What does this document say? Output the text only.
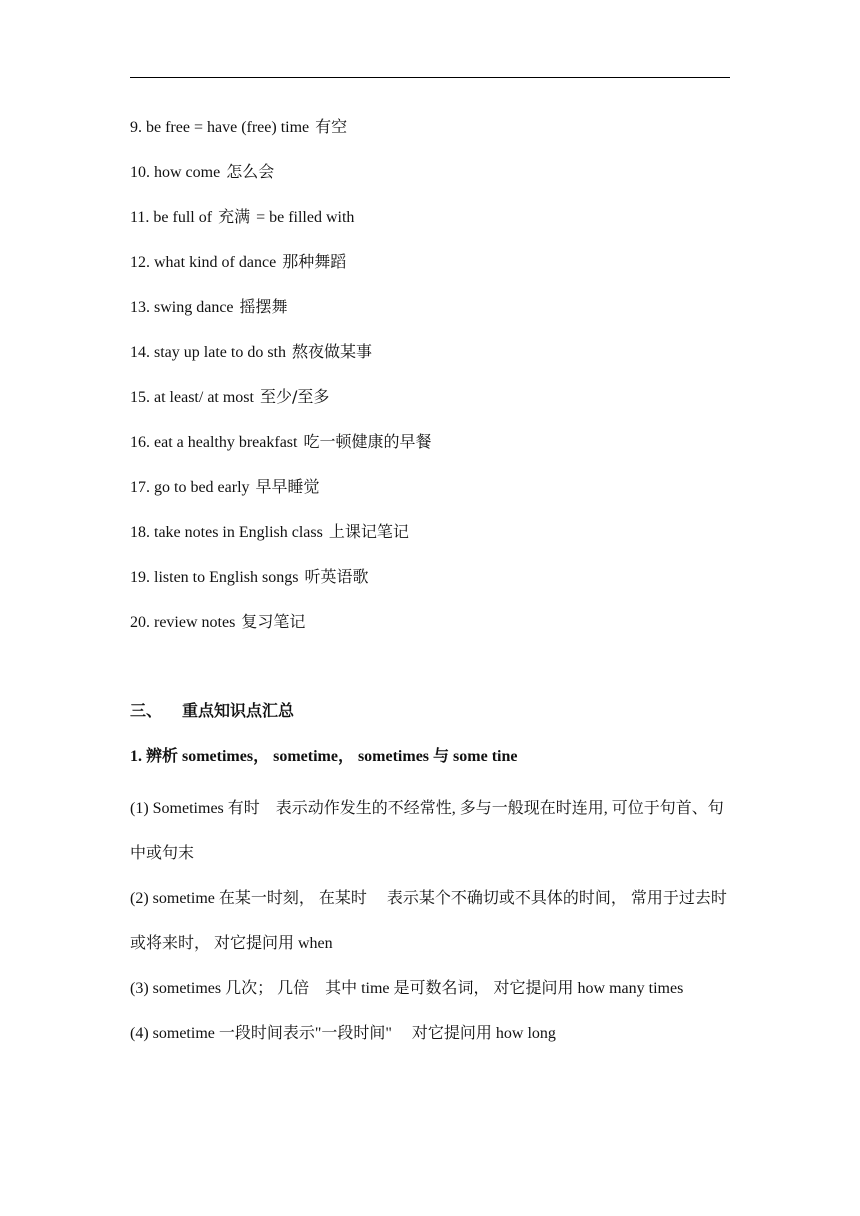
9. be free = have (free) time 有空
10. how come 怎么会
11. be full of 充满 = be filled with
12. what kind of dance 那种舞蹈
13. swing dance 摇摆舞
14. stay up late to do sth 熬夜做某事
15. at least/ at most 至少/至多
16. eat a healthy breakfast 吃一顿健康的早餐
17. go to bed early 早早睡觉
18. take notes in English class 上课记笔记
19. listen to English songs 听英语歌
20. review notes 复习笔记
三、 重点知识点汇总
1. 辨析 sometimes， sometime， sometimes 与 some tine

(1) Sometimes 有时　表示动作发生的不经常性, 多与一般现在时连用, 可位于句首、句中或句末

(2) sometime 在某一时刻， 在某时　 表示某个不确切或不具体的时间， 常用于过去时或将来时， 对它提问用 when

(3) sometimes 几次； 几倍　其中 time 是可数名词， 对它提问用 how many times

(4) sometime 一段时间表示"一段时间"　 对它提问用 how long
